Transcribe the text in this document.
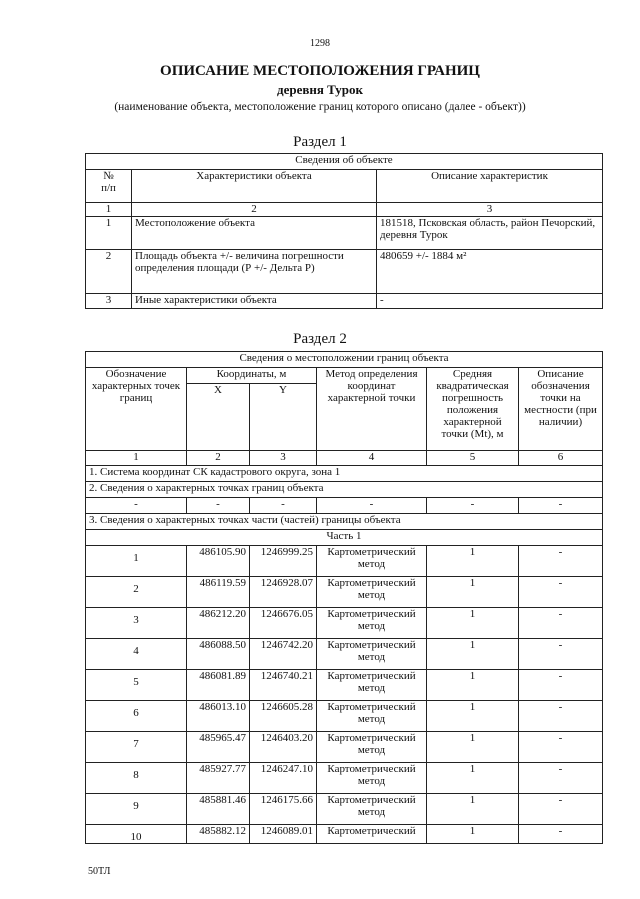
1298
ОПИСАНИЕ МЕСТОПОЛОЖЕНИЯ ГРАНИЦ
деревня Турок
(наименование объекта, местоположение границ которого описано (далее - объект))
Раздел 1
Сведения об объекте		
№
п/п	Характеристики объекта	Описание характеристик
1	2	3
1	Местоположение объекта	181518, Псковская область, район Печорский, деревня Турок
2	Площадь объекта +/- величина погрешности определения площади (Р +/- Дельта Р)	480659 +/- 1884 м²
3	Иные характеристики объекта	-
Раздел 2
Сведения о местоположении границ объекта					
Обозначение характерных точек границ	Координаты, м		Метод определения координат характерной точки	Средняя квадратическая погрешность положения характерной точки (Mt), м	Описание обозначения точки на местности (при наличии)
	X	Y			
1	2	3	4	5	6
1. Система координат СК кадастрового округа, зона 1					
2. Сведения о характерных точках границ объекта					
-	-	-	-	-	-
3. Сведения о характерных точках части (частей) границы объекта					
Часть 1					
1	486105.90	1246999.25	Картометрический метод	1	-
2	486119.59	1246928.07	Картометрический метод	1	-
3	486212.20	1246676.05	Картометрический метод	1	-
4	486088.50	1246742.20	Картометрический метод	1	-
5	486081.89	1246740.21	Картометрический метод	1	-
6	486013.10	1246605.28	Картометрический метод	1	-
7	485965.47	1246403.20	Картометрический метод	1	-
8	485927.77	1246247.10	Картометрический метод	1	-
9	485881.46	1246175.66	Картометрический метод	1	-
10	485882.12	1246089.01	Картометрический	1	-
50ТЛ
